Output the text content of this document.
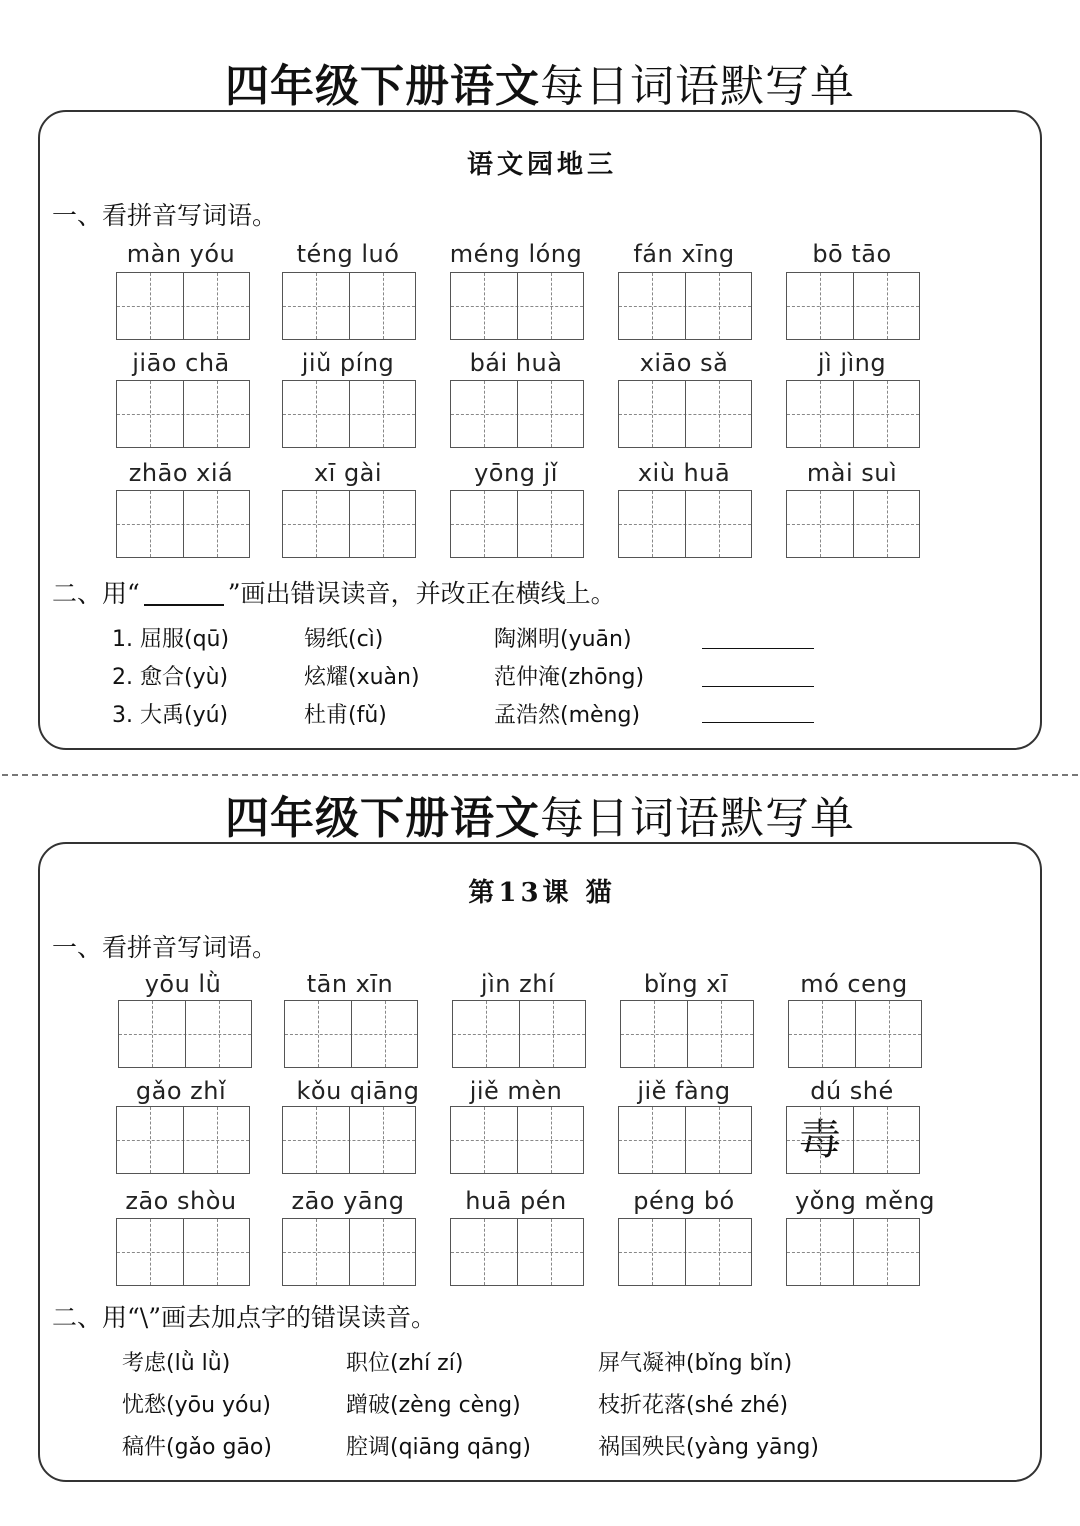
四年级下册语文每日词语默写单
语文园地三
一、看拼音写词语。
màn yóu	téng luó	méng lóng	fán xīng	bō tāo
jiāo chā	jiǔ píng	bái huà	xiāo sǎ	jì jìng
zhāo xiá	xī gài	yōng jǐ	xiù huā	mài suì
二、用“	”画出错误读音，并改正在横线上。
1. 屈服(qū)	锡纸(cì)	陶渊明(yuān)
2. 愈合(yù)	炫耀(xuàn)	范仲淹(zhōng)
3. 大禹(yú)	杜甫(fǔ)	孟浩然(mèng)
四年级下册语文每日词语默写单
第13课 猫
一、看拼音写词语。
yōu lǜ	tān xīn	jìn zhí	bǐng xī	mó ceng
gǎo zhǐ	kǒu qiāng	jiě mèn	jiě fàng	dú shé
毒
zāo shòu	zāo yāng	huā pén	péng bó	yǒng měng
二、用“\”画去加点字的错误读音。
考虑(lǜ lǜ)	职位(zhí zí)	屏气凝神(bǐng bǐn)
忧愁(yōu yóu)	蹭破(zèng cèng)	枝折花落(shé zhé)
稿件(gǎo gāo)	腔调(qiāng qāng)	祸国殃民(yàng yāng)
